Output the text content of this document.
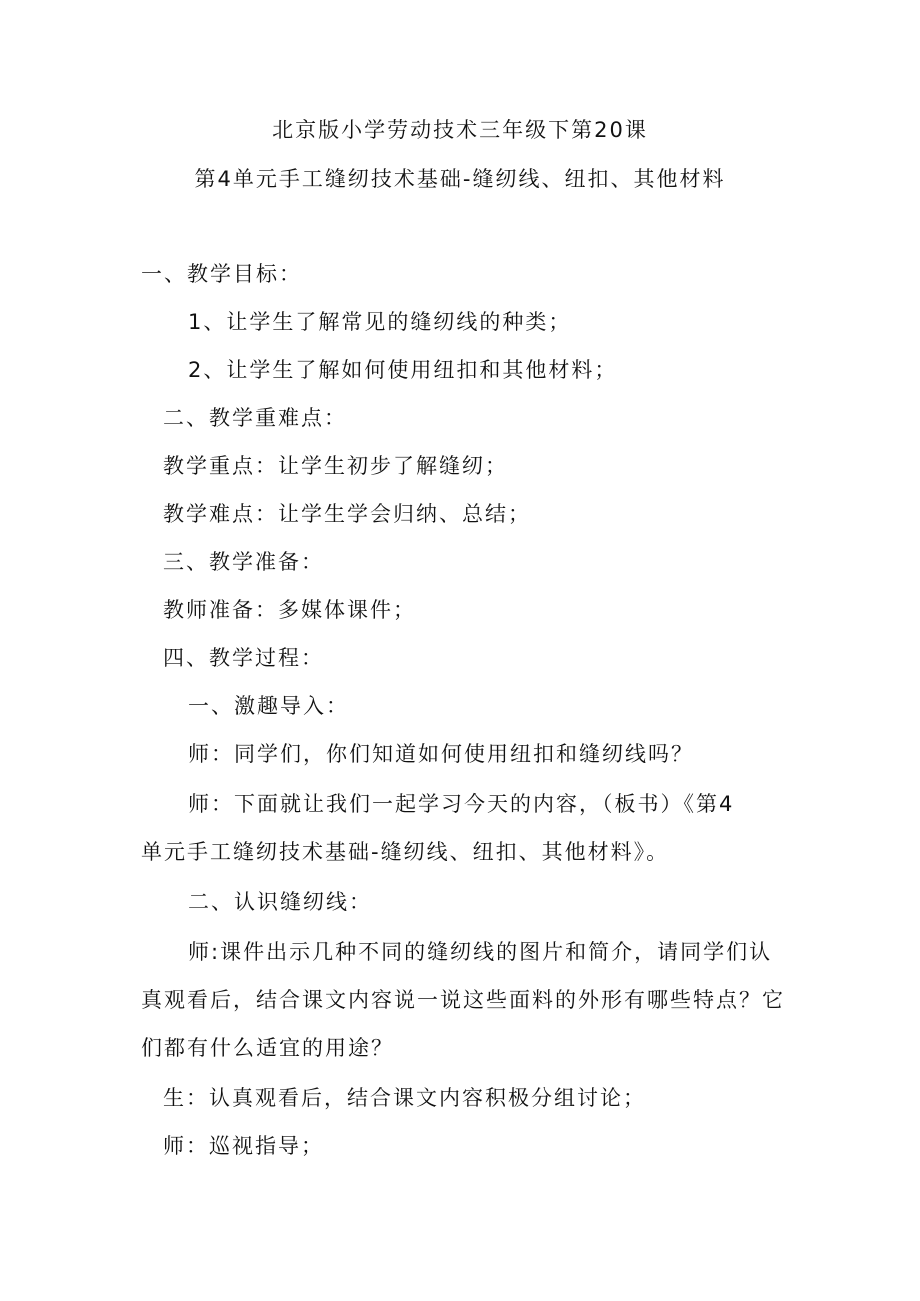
北京版小学劳动技术三年级下第20课
第4单元手工缝纫技术基础-缝纫线、纽扣、其他材料
一、教学目标：
1、让学生了解常见的缝纫线的种类；
2、让学生了解如何使用纽扣和其他材料；
二、教学重难点：
教学重点：让学生初步了解缝纫；
教学难点：让学生学会归纳、总结；
三、教学准备：
教师准备：多媒体课件；
四、教学过程：
一、激趣导入：
师：同学们，你们知道如何使用纽扣和缝纫线吗？
师：下面就让我们一起学习今天的内容，（板书）《第4
单元手工缝纫技术基础-缝纫线、纽扣、其他材料》。
二、认识缝纫线：
师:课件出示几种不同的缝纫线的图片和简介，请同学们认
真观看后，结合课文内容说一说这些面料的外形有哪些特点？它
们都有什么适宜的用途？
生：认真观看后，结合课文内容积极分组讨论；
师：巡视指导；
